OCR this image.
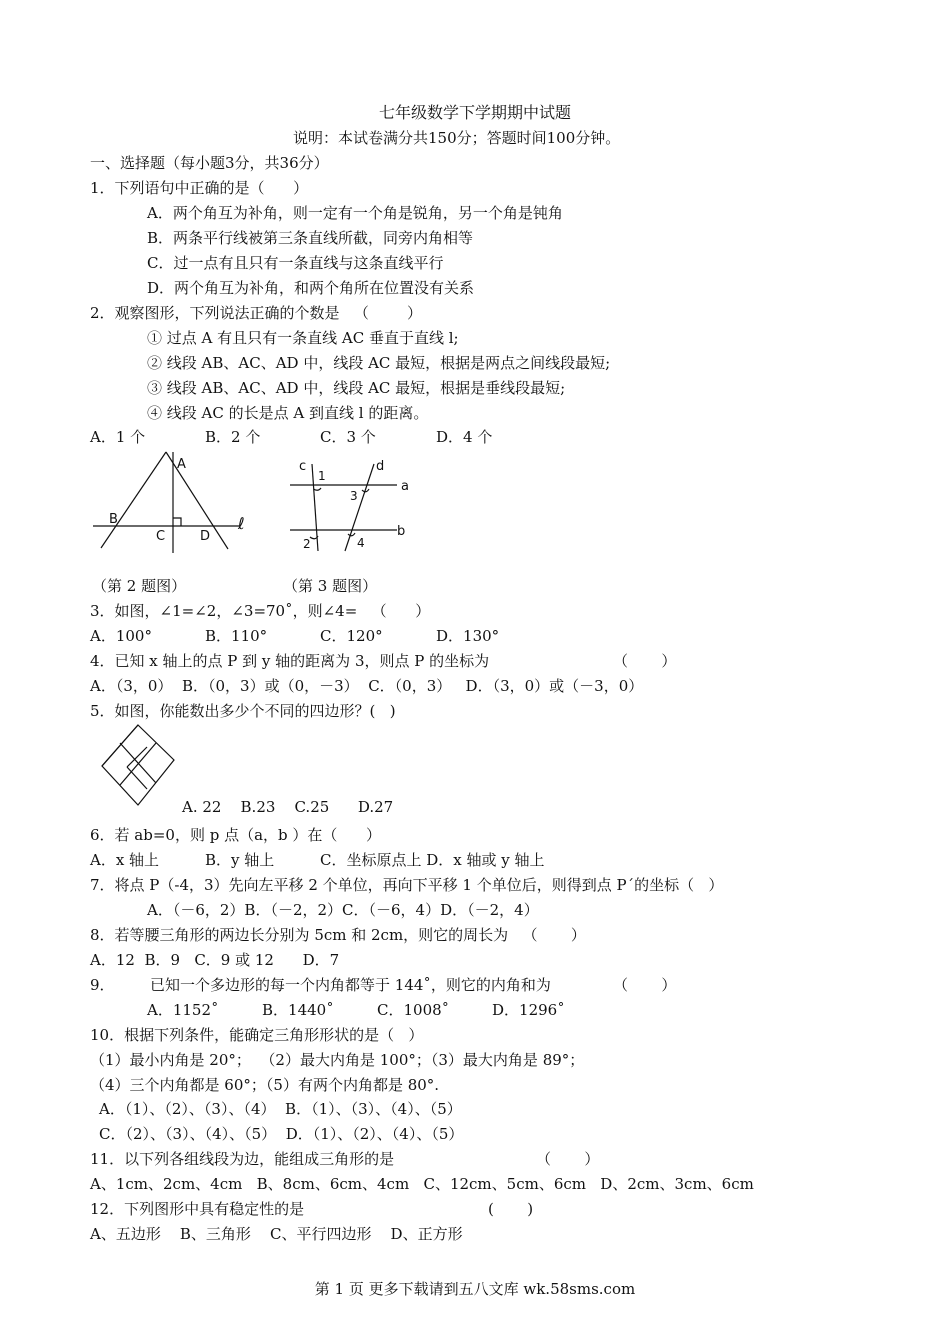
七年级数学下学期期中试题
说明：本试卷满分共150分；答题时间100分钟。
一、选择题（每小题3分，共36分）
1．下列语句中正确的是（      ）
A．两个角互为补角，则一定有一个角是锐角，另一个角是钝角
B．两条平行线被第三条直线所截，同旁内角相等
C．过一点有且只有一条直线与这条直线平行
D．两个角互为补角，和两个角所在位置没有关系
2．观察图形，下列说法正确的个数是   （        ）
① 过点 A 有且只有一条直线 AC 垂直于直线 l;
② 线段 AB、AC、AD 中，线段 AC 最短，根据是两点之间线段最短;
③ 线段 AB、AC、AD 中，线段 AC 最短，根据是垂线段最短;
④ 线段 AC 的长是点 A 到直线 l 的距离。
A．1 个	B．2 个	C．3 个	D．4 个
A
B
C	D
ℓ
c	d
a
b
1
3
2	4
（第 2 题图）	（第 3 题图）
3．如图，∠1=∠2，∠3=70˚，则∠4=   （      ）
A．100°	B．110°	C．120°	D．130°
4．已知 x 轴上的点 P 到 y 轴的距离为 3，则点 P 的坐标为	（       ）
A．（3，0）  B．（0，3）或（0，－3）  C．（0，3）   D．（3，0）或（－3，0）
5．如图，你能数出多少个不同的四边形？(   )
A. 22    B.23    C.25      D.27
6．若 ab=0，则 p 点（a，b ）在（      ）
A．x 轴上	B．y 轴上	C．坐标原点上 D．x 轴或 y 轴上
7．将点 P（-4，3）先向左平移 2 个单位，再向下平移 1 个单位后，则得到点 P´的坐标（   ）
A．（－6，2）B．（－2，2）C．（－6，4）D．（－2，4）
8．若等腰三角形的两边长分别为 5cm 和 2cm，则它的周长为   （       ）
A．12  B．9   C．9 或 12      D．7
9． 已知一个多边形的每一个内角都等于 144˚，则它的内角和为	（       ）
A．1152˚	B．1440˚	C．1008˚	D．1296˚
10．根据下列条件，能确定三角形形状的是（   ）
（1）最小内角是 20°；  （2）最大内角是 100°；（3）最大内角是 89°；
（4）三个内角都是 60°；（5）有两个内角都是 80°.
A．（1）、（2）、（3）、（4）  B．（1）、（3）、（4）、（5）
C．（2）、（3）、（4）、（5）  D．（1）、（2）、（4）、（5）
11．以下列各组线段为边，能组成三角形的是	（       ）
A、1cm、2cm、4cm   B、8cm、6cm、4cm   C、12cm、5cm、6cm   D、2cm、3cm、6cm
12．下列图形中具有稳定性的是	(       )
A、五边形    B、三角形    C、平行四边形    D、正方形
第 1 页 更多下载请到五八文库 wk.58sms.com
